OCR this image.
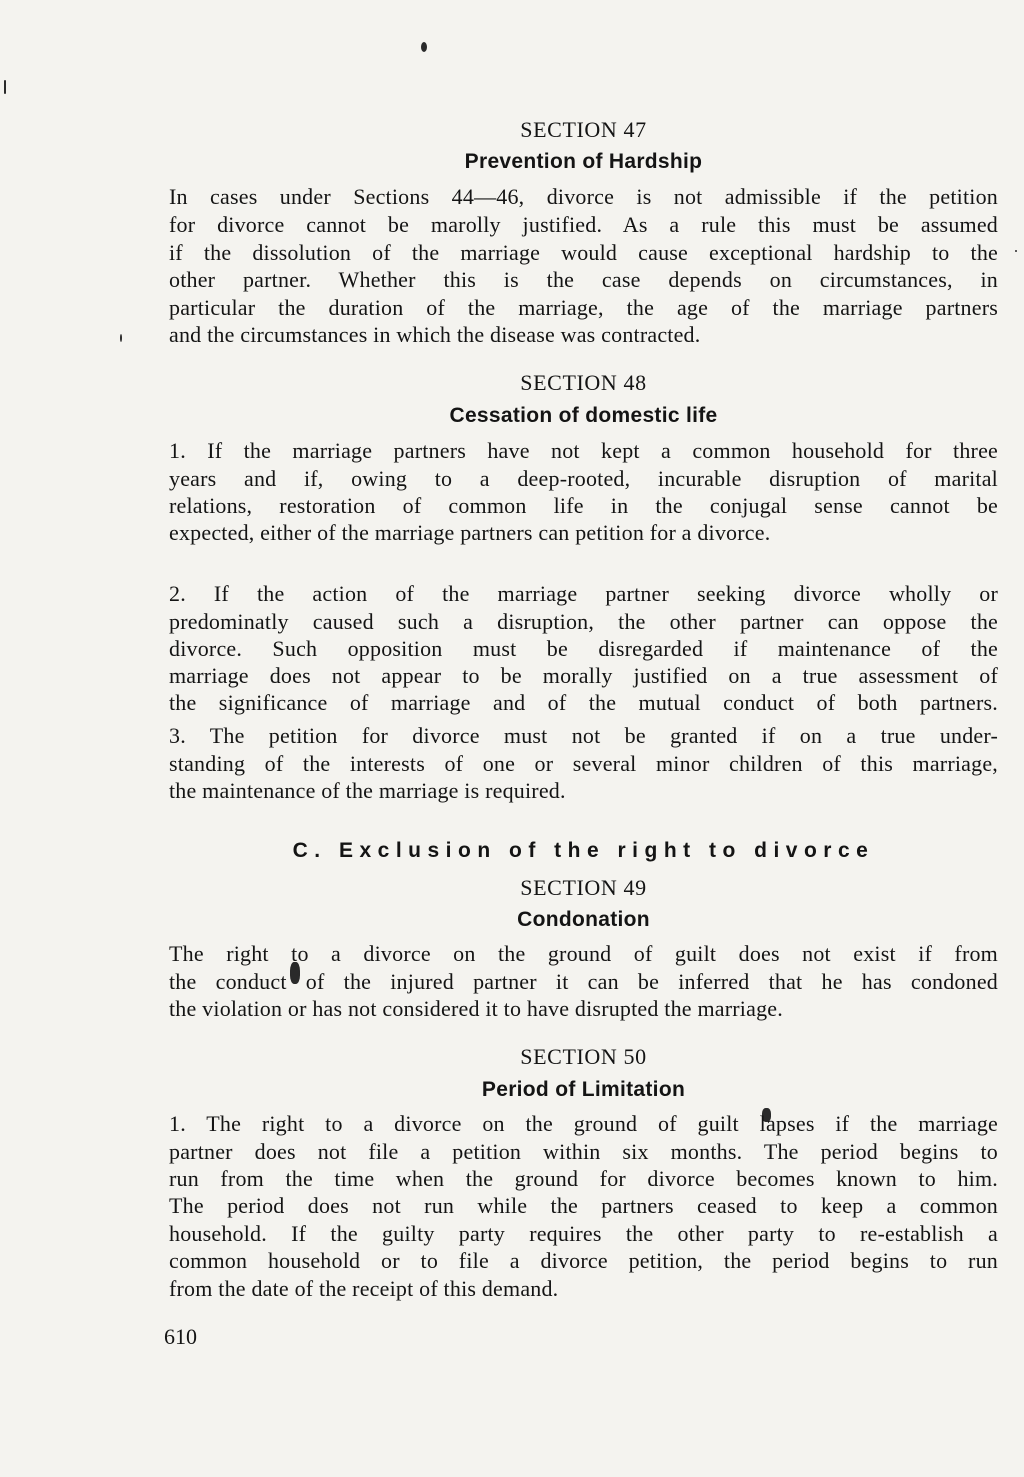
SECTION 47
Prevention of Hardship
In cases under Sections 44—46, divorce is not admissible if the petition
for divorce cannot be marolly justified. As a rule this must be assumed
if the dissolution of the marriage would cause exceptional hardship to the
other partner. Whether this is the case depends on circumstances, in
particular the duration of the marriage, the age of the marriage partners
and the circumstances in which the disease was contracted.
SECTION 48
Cessation of domestic life
1. If the marriage partners have not kept a common household for three
years and if, owing to a deep-rooted, incurable disruption of marital
relations, restoration of common life in the conjugal sense cannot be
expected, either of the marriage partners can petition for a divorce.
2. If the action of the marriage partner seeking divorce wholly or
predominatly caused such a disruption, the other partner can oppose the
divorce. Such opposition must be disregarded if maintenance of the
marriage does not appear to be morally justified on a true assessment of
the significance of marriage and of the mutual conduct of both partners.
3. The petition for divorce must not be granted if on a true under-
standing of the interests of one or several minor children of this marriage,
the maintenance of the marriage is required.
C. Exclusion of the right to divorce
SECTION 49
Condonation
The right to a divorce on the ground of guilt does not exist if from
the conduct of the injured partner it can be inferred that he has condoned
the violation or has not considered it to have disrupted the marriage.
SECTION 50
Period of Limitation
1. The right to a divorce on the ground of guilt lapses if the marriage
partner does not file a petition within six months. The period begins to
run from the time when the ground for divorce becomes known to him.
The period does not run while the partners ceased to keep a common
household. If the guilty party requires the other party to re-establish a
common household or to file a divorce petition, the period begins to run
from the date of the receipt of this demand.
610
